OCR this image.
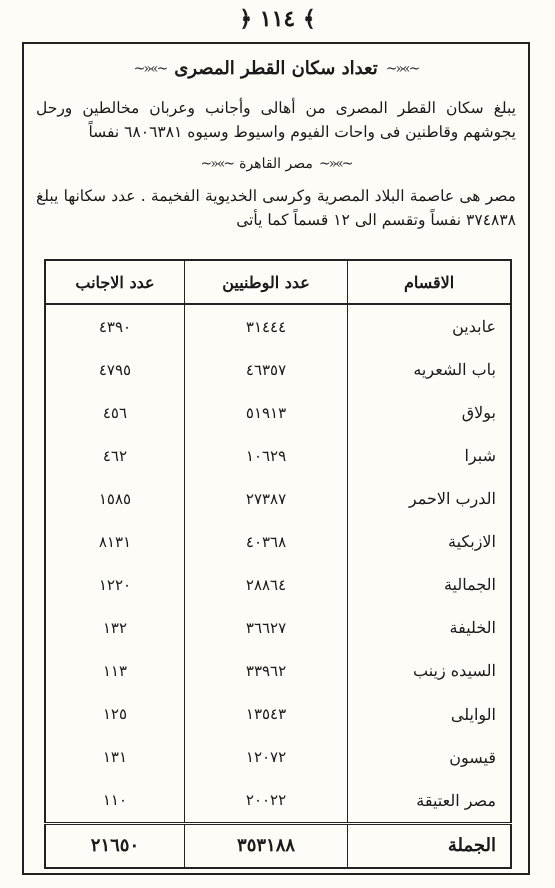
﴿ ١١٤ ﴾
~»«~
تعداد سكان القطر المصرى
~»«~
يبلغ سكان القطر المصرى من أهالى وأجانب وعربان مخالطين ورحل يجوشهم وقاطنين فى واحات الفيوم واسيوط وسيوه ٦٨٠٦٣٨١ نفساً
~»«~
مصر القاهرة
~»«~
مصر هى عاصمة البلاد المصرية وكرسى الخديوية الفخيمة . عدد سكانها يبلغ ٣٧٤٨٣٨ نفساً وتقسم الى ١٢ قسماً كما يأتى
الاقسام	عدد الوطنيين	عدد الاجانب
عابدين	٣١٤٤٤	٤٣٩٠
باب الشعريه	٤٦٣٥٧	٤٧٩٥
بولاق	٥١٩١٣	٤٥٦
شبرا	١٠٦٢٩	٤٦٢
الدرب الاحمر	٢٧٣٨٧	١٥٨٥
الازبكية	٤٠٣٦٨	٨١٣١
الجمالية	٢٨٨٦٤	١٢٢٠
الخليفة	٣٦٦٢٧	١٣٢
السيده زينب	٣٣٩٦٢	١١٣
الوايلى	١٣٥٤٣	١٢٥
قيسون	١٢٠٧٢	١٣١
مصر العتيقة	٢٠٠٢٢	١١٠
الجملة	٣٥٣١٨٨	٢١٦٥٠
